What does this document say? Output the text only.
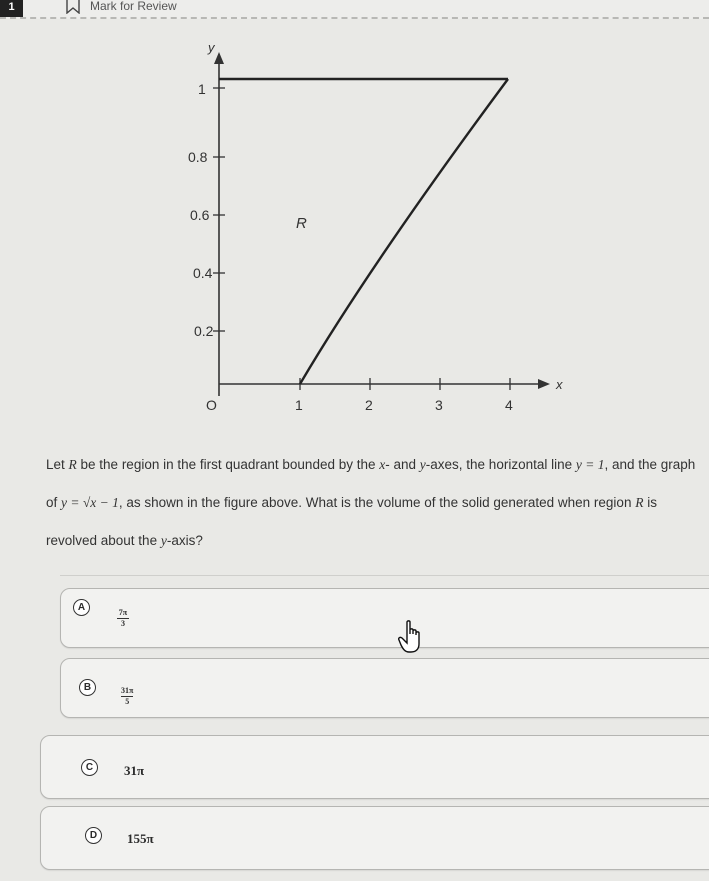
1	Mark for Review
y
x
1
0.8
0.6
0.4
0.2
O	1	2	3	4
R
Let R be the region in the first quadrant bounded by the x- and y-axes, the horizontal line y = 1, and the graph of y = √x − 1, as shown in the figure above. What is the volume of the solid generated when region R is revolved about the y-axis?
A	7π
3
B	31π
5
C	31π
D	155π
